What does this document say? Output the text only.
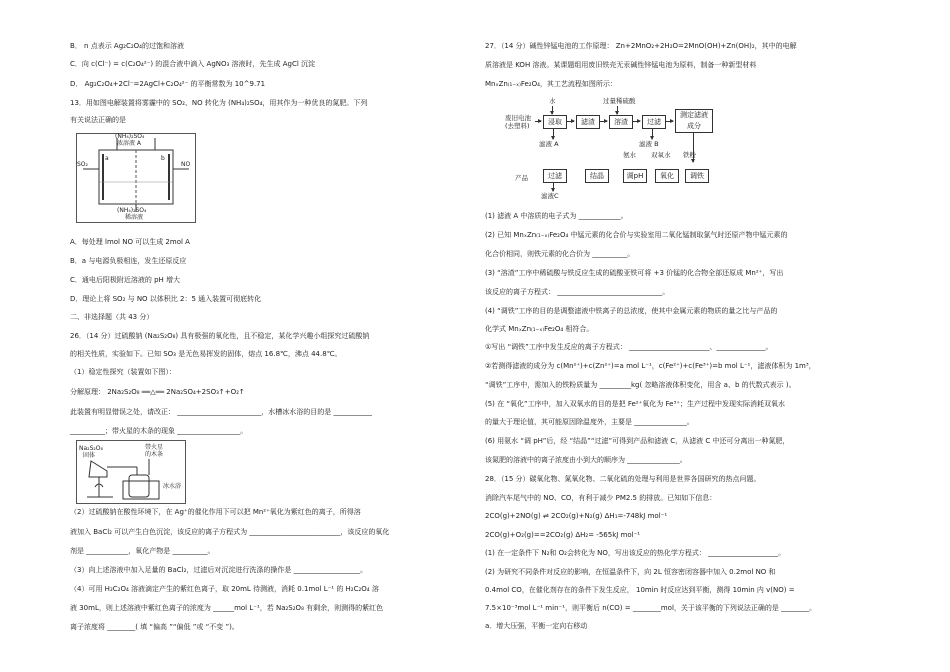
B． n 点表示 Ag₂C₂O₄的过饱和溶液
C．向 c(Cl⁻) = c(C₂O₄²⁻) 的混合液中滴入 AgNO₃ 溶液时，先生成 AgCl 沉淀
D． Ag₂C₂O₄+2Cl⁻=2AgCl+C₂O₄²⁻ 的平衡常数为 10^9.71
13．用如图电解装置将雾霾中的 SO₂、NO 转化为 (NH₄)₂SO₄，用其作为一种优良的氮肥。下列
有关说法正确的是
(NH₄)₂SO₄
浓溶液 A
SO₂	NO
a	b
(NH₄)₂SO₄
稀溶液
A．每处理 lmol NO 可以生成 2mol A
B．a 与电源负极相连，发生还原反应
C．通电后阳极附近溶液的 pH 增大
D．理论上将 SO₂ 与 NO 以体积比 2：5 通入装置可彻底转化
二、非选择题（共 43 分）
26．（14 分）过硫酸钠 (Na₂S₂O₈) 具有极强的氧化性，且不稳定，某化学兴趣小组探究过硫酸钠
的相关性质，实验如下。已知 SO₃ 是无色易挥发的固体，熔点 16.8℃，沸点 44.8℃。
（1）稳定性探究（装置如下图）：
分解原理： 2Na₂S₂O₈ ══△══ 2Na₂SO₄+2SO₃↑+O₂↑
此装置有明显错误之处，请改正： ________________________，水槽冰水浴的目的是 ___________
__________；带火星的木条的现象 __________________。
Na₂S₂O₈
固体
带火星
的木条
冰水浴
（2）过硫酸钠在酸性环境下，在 Ag⁺的催化作用下可以把 Mn²⁺氧化为紫红色的离子，所得溶
液加入 BaCl₂ 可以产生白色沉淀，该反应的离子方程式为 __________________________，该反应的氧化
剂是 ____________，氧化产物是 __________。
（3）向上述溶液中加入足量的 BaCl₂，过滤后对沉淀进行洗涤的操作是 ___________________。
（4）可用 H₂C₂O₄ 溶液滴定产生的紫红色离子，取 20mL 待测液，消耗 0.1mol L⁻¹ 的 H₂C₂O₄ 溶
液 30mL，则上述溶液中紫红色离子的浓度为 ______mol L⁻¹，若 Na₂S₂O₈ 有剩余，则测得的紫红色
离子浓度将 ________( 填 “偏高 ”“偏低 ”或 “不变 ”)。
27．（14 分）碱性锌锰电池的工作原理： Zn+2MnO₂+2H₂O=2MnO(OH)+Zn(OH)₂，其中的电解
质溶液是 KOH 溶液。某课题组用废旧铁壳无汞碱性锌锰电池为原料，制备一种新型材料
MnₓZn₍₁₋ₓ₎Fe₂O₄，其工艺流程如图所示：
水	过量稀硫酸
废旧电池
(去塑料)	浸取	滤渣	溶渣	过滤
测定滤液
成分
滤液 A	滤液 B
氨水 双氧水 铁粉
产品	过滤	结晶	调pH	氧化	调铁
滤液C
(1) 滤液 A 中溶质的电子式为 ____________。
(2) 已知 MnₓZn₍₁₋ₓ₎Fe₂O₄ 中锰元素的化合价与实验室用二氧化锰制取氯气时还原产物中锰元素的
化合价相同，则铁元素的化合价为 __________。
(3) “溶渣”工序中稀硫酸与铁反应生成的硫酸亚铁可将 +3 价锰的化合物全部还原成 Mn²⁺，写出
该反应的离子方程式： ______________________________。
(4) “调铁”工序的目的是调整滤液中铁离子的总浓度，使其中金属元素的物质的量之比与产品的
化学式 MnₓZn₍₁₋ₓ₎Fe₂O₄ 相符合。
①写出 “调铁”工序中发生反应的离子方程式： _______________________、______________。
②若测得滤液的成分为 c(Mn²⁺)+c(Zn²⁺)=a mol L⁻¹，c(Fe²⁺)+c(Fe³⁺)=b mol L⁻¹，滤液体积为 1m³，
“调铁”工序中，需加入的铁粉质量为 _________kg( 忽略溶液体积变化，用含 a、b 的代数式表示 )。
(5) 在 “氧化”工序中，加入双氧水的目的是把 Fe²⁺氧化为 Fe³⁺；生产过程中发现实际消耗双氧水
的量大于理论值，其可能原因除温度外，主要是 _______________。
(6) 用氨水 “调 pH”后，经 “结晶”“过滤”可得到产品和滤液 C，从滤液 C 中还可分离出一种氮肥，
该氮肥的溶液中的离子浓度由小到大的顺序为 _______________。
28．（15 分）碳氧化物、氮氧化物、二氧化硫的处理与利用是世界各国研究的热点问题。
消除汽车尾气中的 NO、CO，有利于减少 PM2.5 的排放。已知如下信息：
2CO(g)+2NO(g) ⇌ 2CO₂(g)+N₂(g) ΔH₁=-748kJ mol⁻¹
2CO(g)+O₂(g)==2CO₂(g) ΔH₂= -565kJ mol⁻¹
(1) 在一定条件下 N₂和 O₂会转化为 NO，写出该反应的热化学方程式： ____________________。
(2) 为研究不同条件对反应的影响，在恒温条件下，向 2L 恒容密闭容器中加入 0.2mol NO 和
0.4mol CO，在催化剂存在的条件下发生反应， 10min 时反应达到平衡，测得 10min 内 v(NO) =
7.5×10⁻³mol L⁻¹ min⁻¹，则平衡后 n(CO) = ________mol，关于该平衡的下列说法正确的是 ________。
a．增大压强，平衡一定向右移动
